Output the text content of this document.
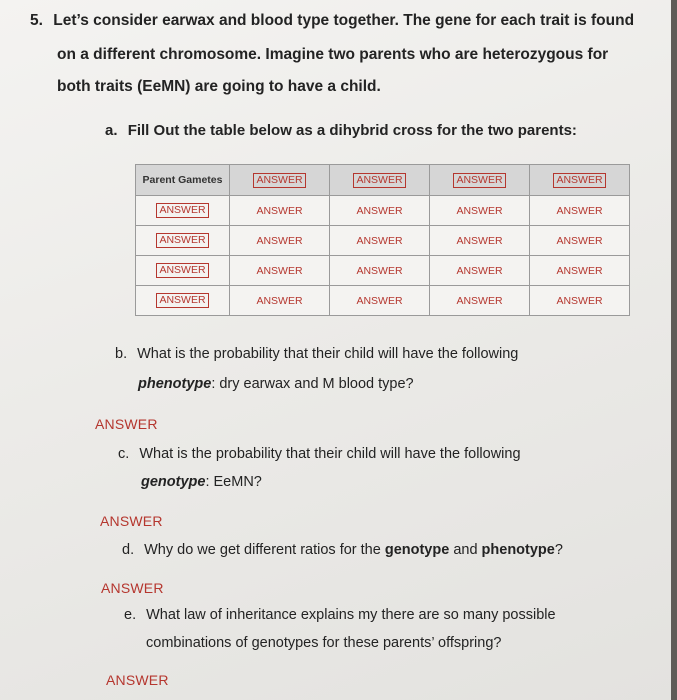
5. Let’s consider earwax and blood type together. The gene for each trait is found
on a different chromosome. Imagine two parents who are heterozygous for
both traits (EeMN) are going to have a child.
a. Fill Out the table below as a dihybrid cross for the two parents:
Parent Gametes	ANSWER	ANSWER	ANSWER	ANSWER
ANSWER	ANSWER	ANSWER	ANSWER	ANSWER
ANSWER	ANSWER	ANSWER	ANSWER	ANSWER
ANSWER	ANSWER	ANSWER	ANSWER	ANSWER
ANSWER	ANSWER	ANSWER	ANSWER	ANSWER
b. What is the probability that their child will have the following
phenotype: dry earwax and M blood type?
ANSWER
c. What is the probability that their child will have the following
genotype: EeMN?
ANSWER
d. Why do we get different ratios for the genotype and phenotype?
ANSWER
e. What law of inheritance explains my there are so many possible
combinations of genotypes for these parents’ offspring?
ANSWER
